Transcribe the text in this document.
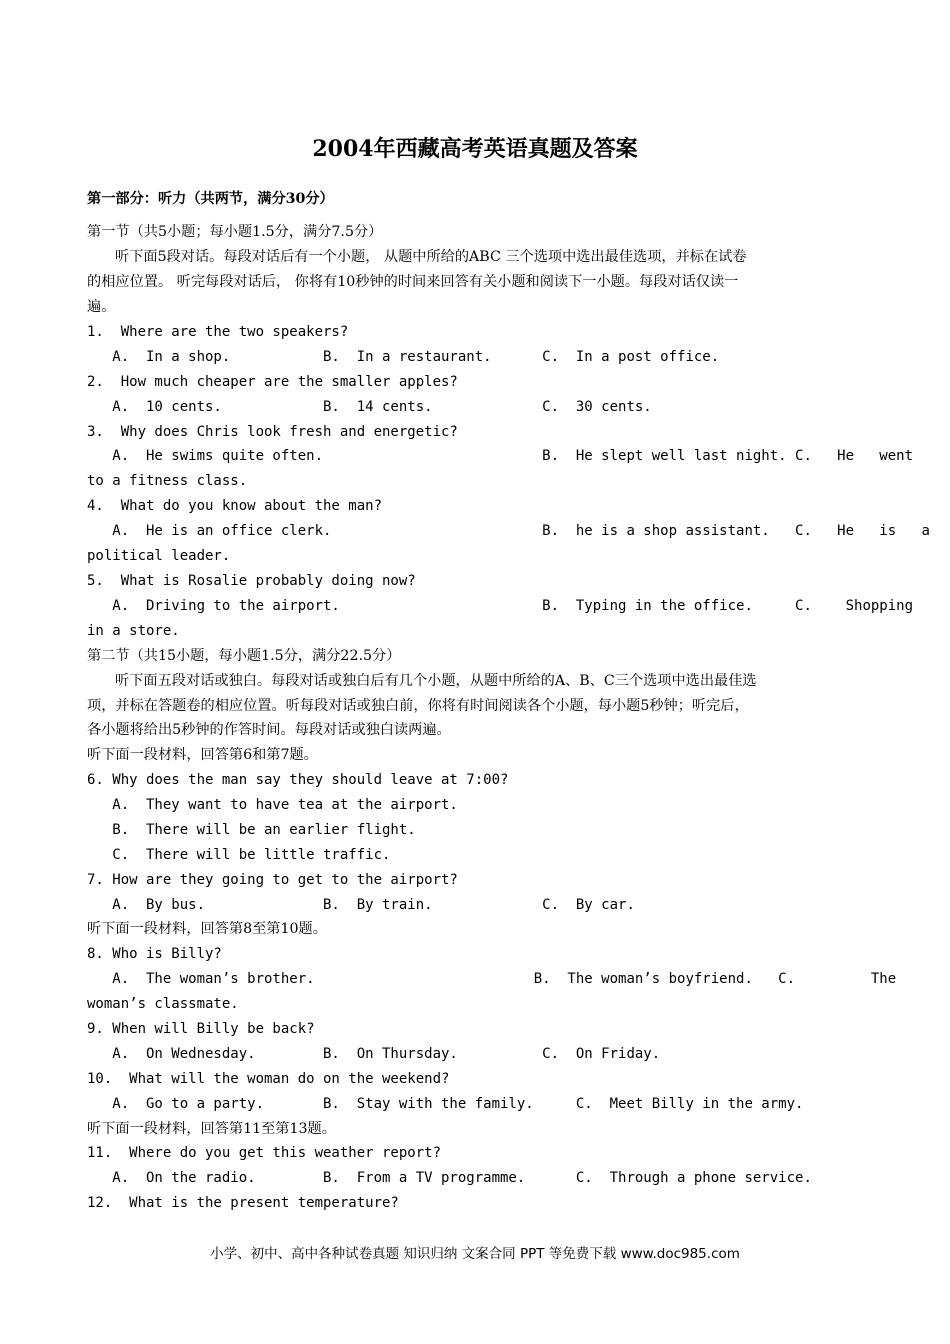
2004年西藏高考英语真题及答案
第一部分：听力（共两节，满分30分）
第一节（共5小题；每小题1.5分，满分7.5分）
听下面5段对话。每段对话后有一个小题， 从题中所给的ABC 三个选项中选出最佳选项，并标在试卷
的相应位置。 听完每段对话后， 你将有10秒钟的时间来回答有关小题和阅读下一小题。每段对话仅读一
遍。
1.  Where are the two speakers?
A.  In a shop.           B.  In a restaurant.      C.  In a post office.
2.  How much cheaper are the smaller apples?
A.  10 cents.            B.  14 cents.             C.  30 cents.
3.  Why does Chris look fresh and energetic?
A.  He swims quite often.                          B.  He slept well last night. C.   He   went
to a fitness class.
4.  What do you know about the man?
A.  He is an office clerk.                         B.  he is a shop assistant.   C.   He   is   a
political leader.
5.  What is Rosalie probably doing now?
A.  Driving to the airport.                        B.  Typing in the office.     C.    Shopping
in a store.
第二节（共15小题，每小题1.5分，满分22.5分）
听下面五段对话或独白。每段对话或独白后有几个小题，从题中所给的A、B、C三个选项中选出最佳选
项，并标在答题卷的相应位置。听每段对话或独白前，你将有时间阅读各个小题，每小题5秒钟；听完后，
各小题将给出5秒钟的作答时间。每段对话或独白读两遍。
听下面一段材料，回答第6和第7题。
6. Why does the man say they should leave at 7:00?
A.  They want to have tea at the airport.
B.  There will be an earlier flight.
C.  There will be little traffic.
7. How are they going to get to the airport?
A.  By bus.              B.  By train.             C.  By car.
听下面一段材料，回答第8至第10题。
8. Who is Billy?
A.  The woman’s brother.                          B.  The woman’s boyfriend.   C.         The
woman’s classmate.
9. When will Billy be back?
A.  On Wednesday.        B.  On Thursday.          C.  On Friday.
10.  What will the woman do on the weekend?
A.  Go to a party.       B.  Stay with the family.     C.  Meet Billy in the army.
听下面一段材料，回答第11至第13题。
11.  Where do you get this weather report?
A.  On the radio.        B.  From a TV programme.      C.  Through a phone service.
12.  What is the present temperature?
小学、初中、高中各种试卷真题 知识归纳 文案合同 PPT 等免费下载 www.doc985.com
